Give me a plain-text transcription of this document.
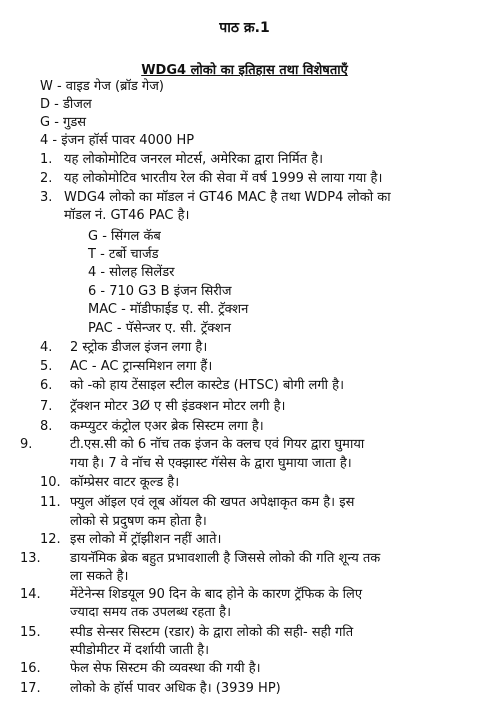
पाठ क्र.1
WDG4 लोको का इतिहास तथा विशेषताएँ
W - वाइड गेज (ब्रॉड गेज)
D - डीजल
G - गुडस
4 - इंजन हॉर्स पावर 4000 HP
1. यह लोकोमोटिव जनरल मोटर्स, अमेरिका द्वारा निर्मित है।
2. यह लोकोमोटिव भारतीय रेल की सेवा में वर्ष 1999 से लाया गया है।
3. WDG4 लोको का मॉडल नं GT46 MAC है तथा WDP4 लोको का
मॉडल नं. GT46 PAC है।
G - सिंगल कॅब
T - टर्बो चार्जड
4 - सोलह सिलेंडर
6 - 710 G3 B इंजन सिरीज
MAC - मॉडीफाईड ए. सी. ट्रॅक्शन
PAC - पॅसेन्जर ए. सी. ट्रॅक्शन
4. 2 स्ट्रोक डीजल इंजन लगा है।
5. AC - AC ट्रान्समिशन लगा हैं।
6. को -को हाय टेंसाइल स्टील कास्टेड (HTSC) बोगी लगी है।
7. ट्रॅक्शन मोटर 3Ø ए सी इंडक्शन मोटर लगी है।
8. कम्प्युटर कंट्रोल एअर ब्रेक सिस्टम लगा है।
9.	टी.एस.सी को 6 नॉच तक इंजन के क्लच एवं गियर द्वारा घुमाया
गया है। 7 वे नॉच से एक्झास्ट गॅसेस के द्वारा घुमाया जाता है।
10. कॉम्प्रेसर वाटर कूल्ड है।
11. फ्युल ऑइल एवं लूब ऑयल की खपत अपेक्षाकृत कम है। इस
लोको से प्रदुषण कम होता है।
12. इस लोको में ट्रॉझीशन नहीं आते।
13. डायनॅमिक ब्रेक बहुत प्रभावशाली है जिससे लोको की गति शून्य तक
ला सकते है।
14. मेंटेनेन्स शिडयूल 90 दिन के बाद होने के कारण ट्रॅफिक के लिए
ज्यादा समय तक उपलब्ध रहता है।
15. स्पीड सेन्सर सिस्टम (रडार) के द्वारा लोको की सही- सही गति
स्पीडोमीटर में दर्शायी जाती है।
16. फेल सेफ सिस्टम की व्यवस्था की गयी है।
17. लोको के हॉर्स पावर अधिक है। (3939 HP)
